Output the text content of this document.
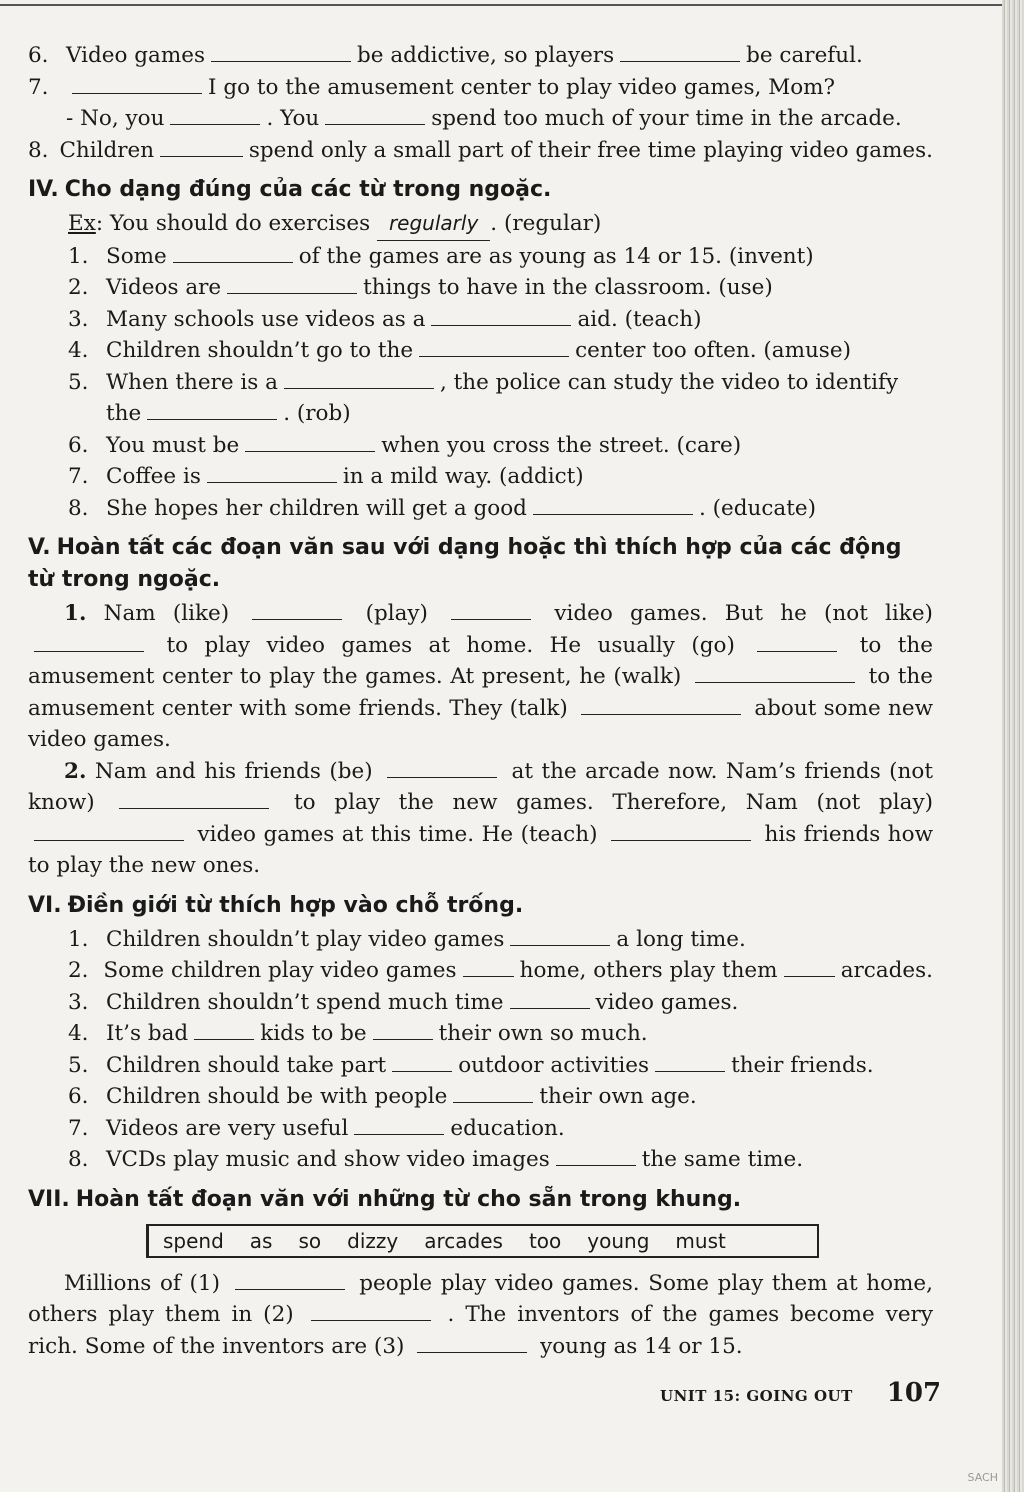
6. Video games	be addictive, so players	be careful.
7.	I go to the amusement center to play video games, Mom?
- No, you	. You	spend too much of your time in the arcade.
8. Children	spend only a small part of their free time playing video games.
IV. Cho dạng đúng của các từ trong ngoặc.
Ex : You should do exercises
regularly . (regular)
1. Some	of the games are as young as 14 or 15. (invent)
2. Videos are	things to have in the classroom. (use)
3. Many schools use videos as a	aid. (teach)
4. Children shouldn’t go to the	center too often. (amuse)
5. When there is a	, the police can study the video to identify
the	. (rob)
6. You must be	when you cross the street. (care)
7. Coffee is	in a mild way. (addict)
8. She hopes her children will get a good	. (educate)
V. Hoàn tất các đoạn văn sau với dạng hoặc thì thích hợp của các động từ trong ngoặc.
1. Nam (like)	(play)	video games. But he (not like)  to play video games at home. He usually (go)	to the amusement center to play the games. At present, he (walk)	to the amusement center with some friends. They (talk)	about some new video games.
2. Nam and his friends (be)	at the arcade now. Nam’s friends (not know)	to play the new games. Therefore, Nam (not play)  video games at this time. He (teach)	his friends how to play the new ones.
VI. Điền giới từ thích hợp vào chỗ trống.
1. Children shouldn’t play video games	a long time.
2. Some children play video games	home, others play them	arcades.
3. Children shouldn’t spend much time	video games.
4. It’s bad	kids to be	their own so much.
5. Children should take part	outdoor activities	their friends.
6. Children should be with people	their own age.
7. Videos are very useful	education.
8. VCDs play music and show video images	the same time.
VII. Hoàn tất đoạn văn với những từ cho sẵn trong khung.
spend as so dizzy arcades too young must
Millions of (1)	people play video games. Some play them at home, others play them in (2)	. The inventors of the games become very rich. Some of the inventors are (3)	young as 14 or 15.
UNIT 15: GOING OUT 107
SACH
